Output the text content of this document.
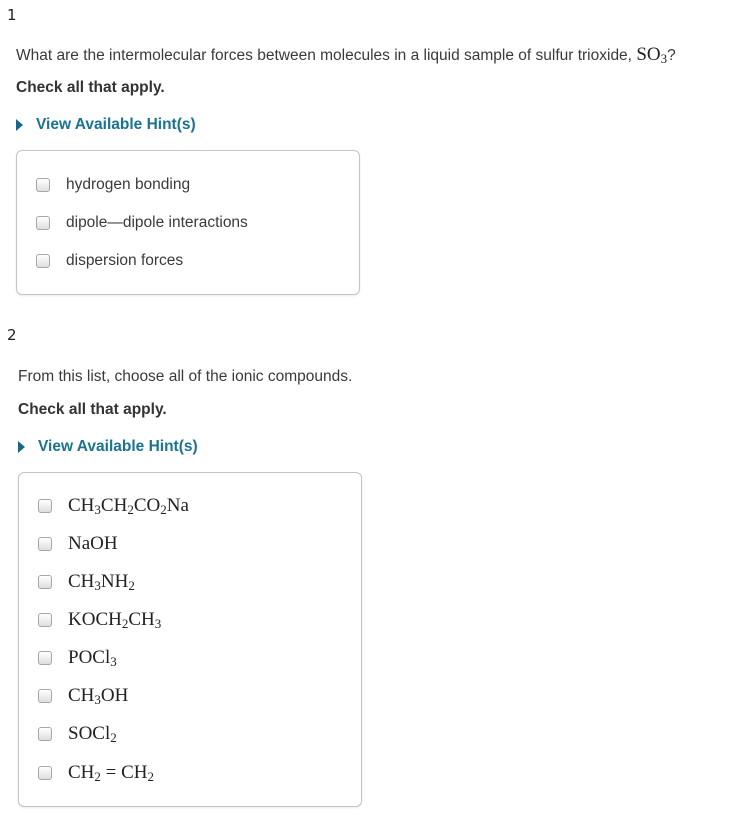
1
What are the intermolecular forces between molecules in a liquid sample of sulfur trioxide, $SO_3$?
Check all that apply.
View Available Hint(s)
hydrogen bonding
dipole—dipole interactions
dispersion forces
2
From this list, choose all of the ionic compounds.
Check all that apply.
View Available Hint(s)
$CH_3CH_2CO_2Na$
NaOH
$CH_3NH_2$
$KOCH_2CH_3$
POCl$_3$
$CH_3OH$
SOCl$_2$
$CH_2 = CH_2$
